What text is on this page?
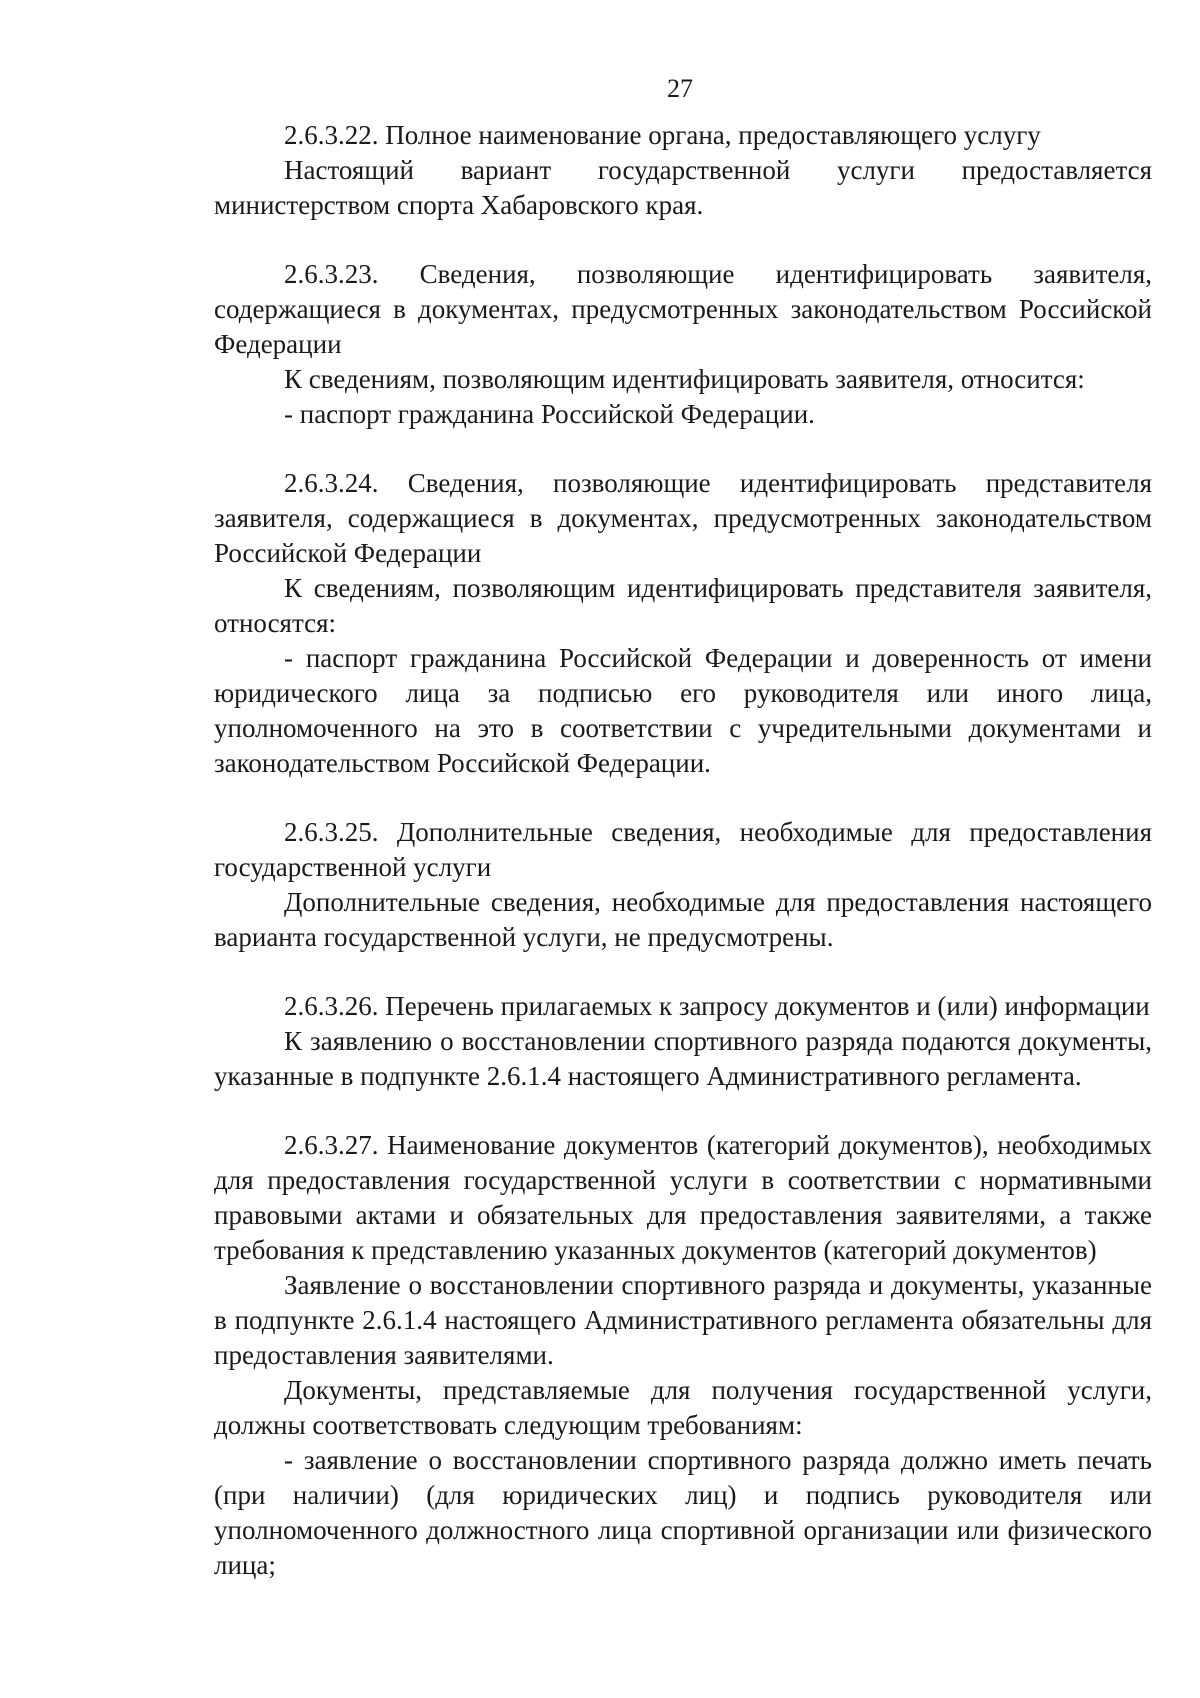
27

2.6.3.22. Полное наименование органа, предоставляющего услугу

Настоящий вариант государственной услуги предоставляется министерством спорта Хабаровского края.

2.6.3.23. Сведения, позволяющие идентифицировать заявителя, содержащиеся в документах, предусмотренных законодательством Российской Федерации

К сведениям, позволяющим идентифицировать заявителя, относится:

- паспорт гражданина Российской Федерации.

2.6.3.24. Сведения, позволяющие идентифицировать представителя заявителя, содержащиеся в документах, предусмотренных законодательством Российской Федерации

К сведениям, позволяющим идентифицировать представителя заявителя, относятся:

- паспорт гражданина Российской Федерации и доверенность от имени юридического лица за подписью его руководителя или иного лица, уполномоченного на это в соответствии с учредительными документами и законодательством Российской Федерации.

2.6.3.25. Дополнительные сведения, необходимые для предоставления государственной услуги

Дополнительные сведения, необходимые для предоставления настоящего варианта государственной услуги, не предусмотрены.

2.6.3.26. Перечень прилагаемых к запросу документов и (или) информации

К заявлению о восстановлении спортивного разряда подаются документы, указанные в подпункте 2.6.1.4 настоящего Административного регламента.

2.6.3.27. Наименование документов (категорий документов), необходимых для предоставления государственной услуги в соответствии с нормативными правовыми актами и обязательных для предоставления заявителями, а также требования к представлению указанных документов (категорий документов)

Заявление о восстановлении спортивного разряда и документы, указанные в подпункте 2.6.1.4 настоящего Административного регламента обязательны для предоставления заявителями.

Документы, представляемые для получения государственной услуги, должны соответствовать следующим требованиям:

- заявление о восстановлении спортивного разряда должно иметь печать (при наличии) (для юридических лиц) и подпись руководителя или уполномоченного должностного лица спортивной организации или физического лица;
